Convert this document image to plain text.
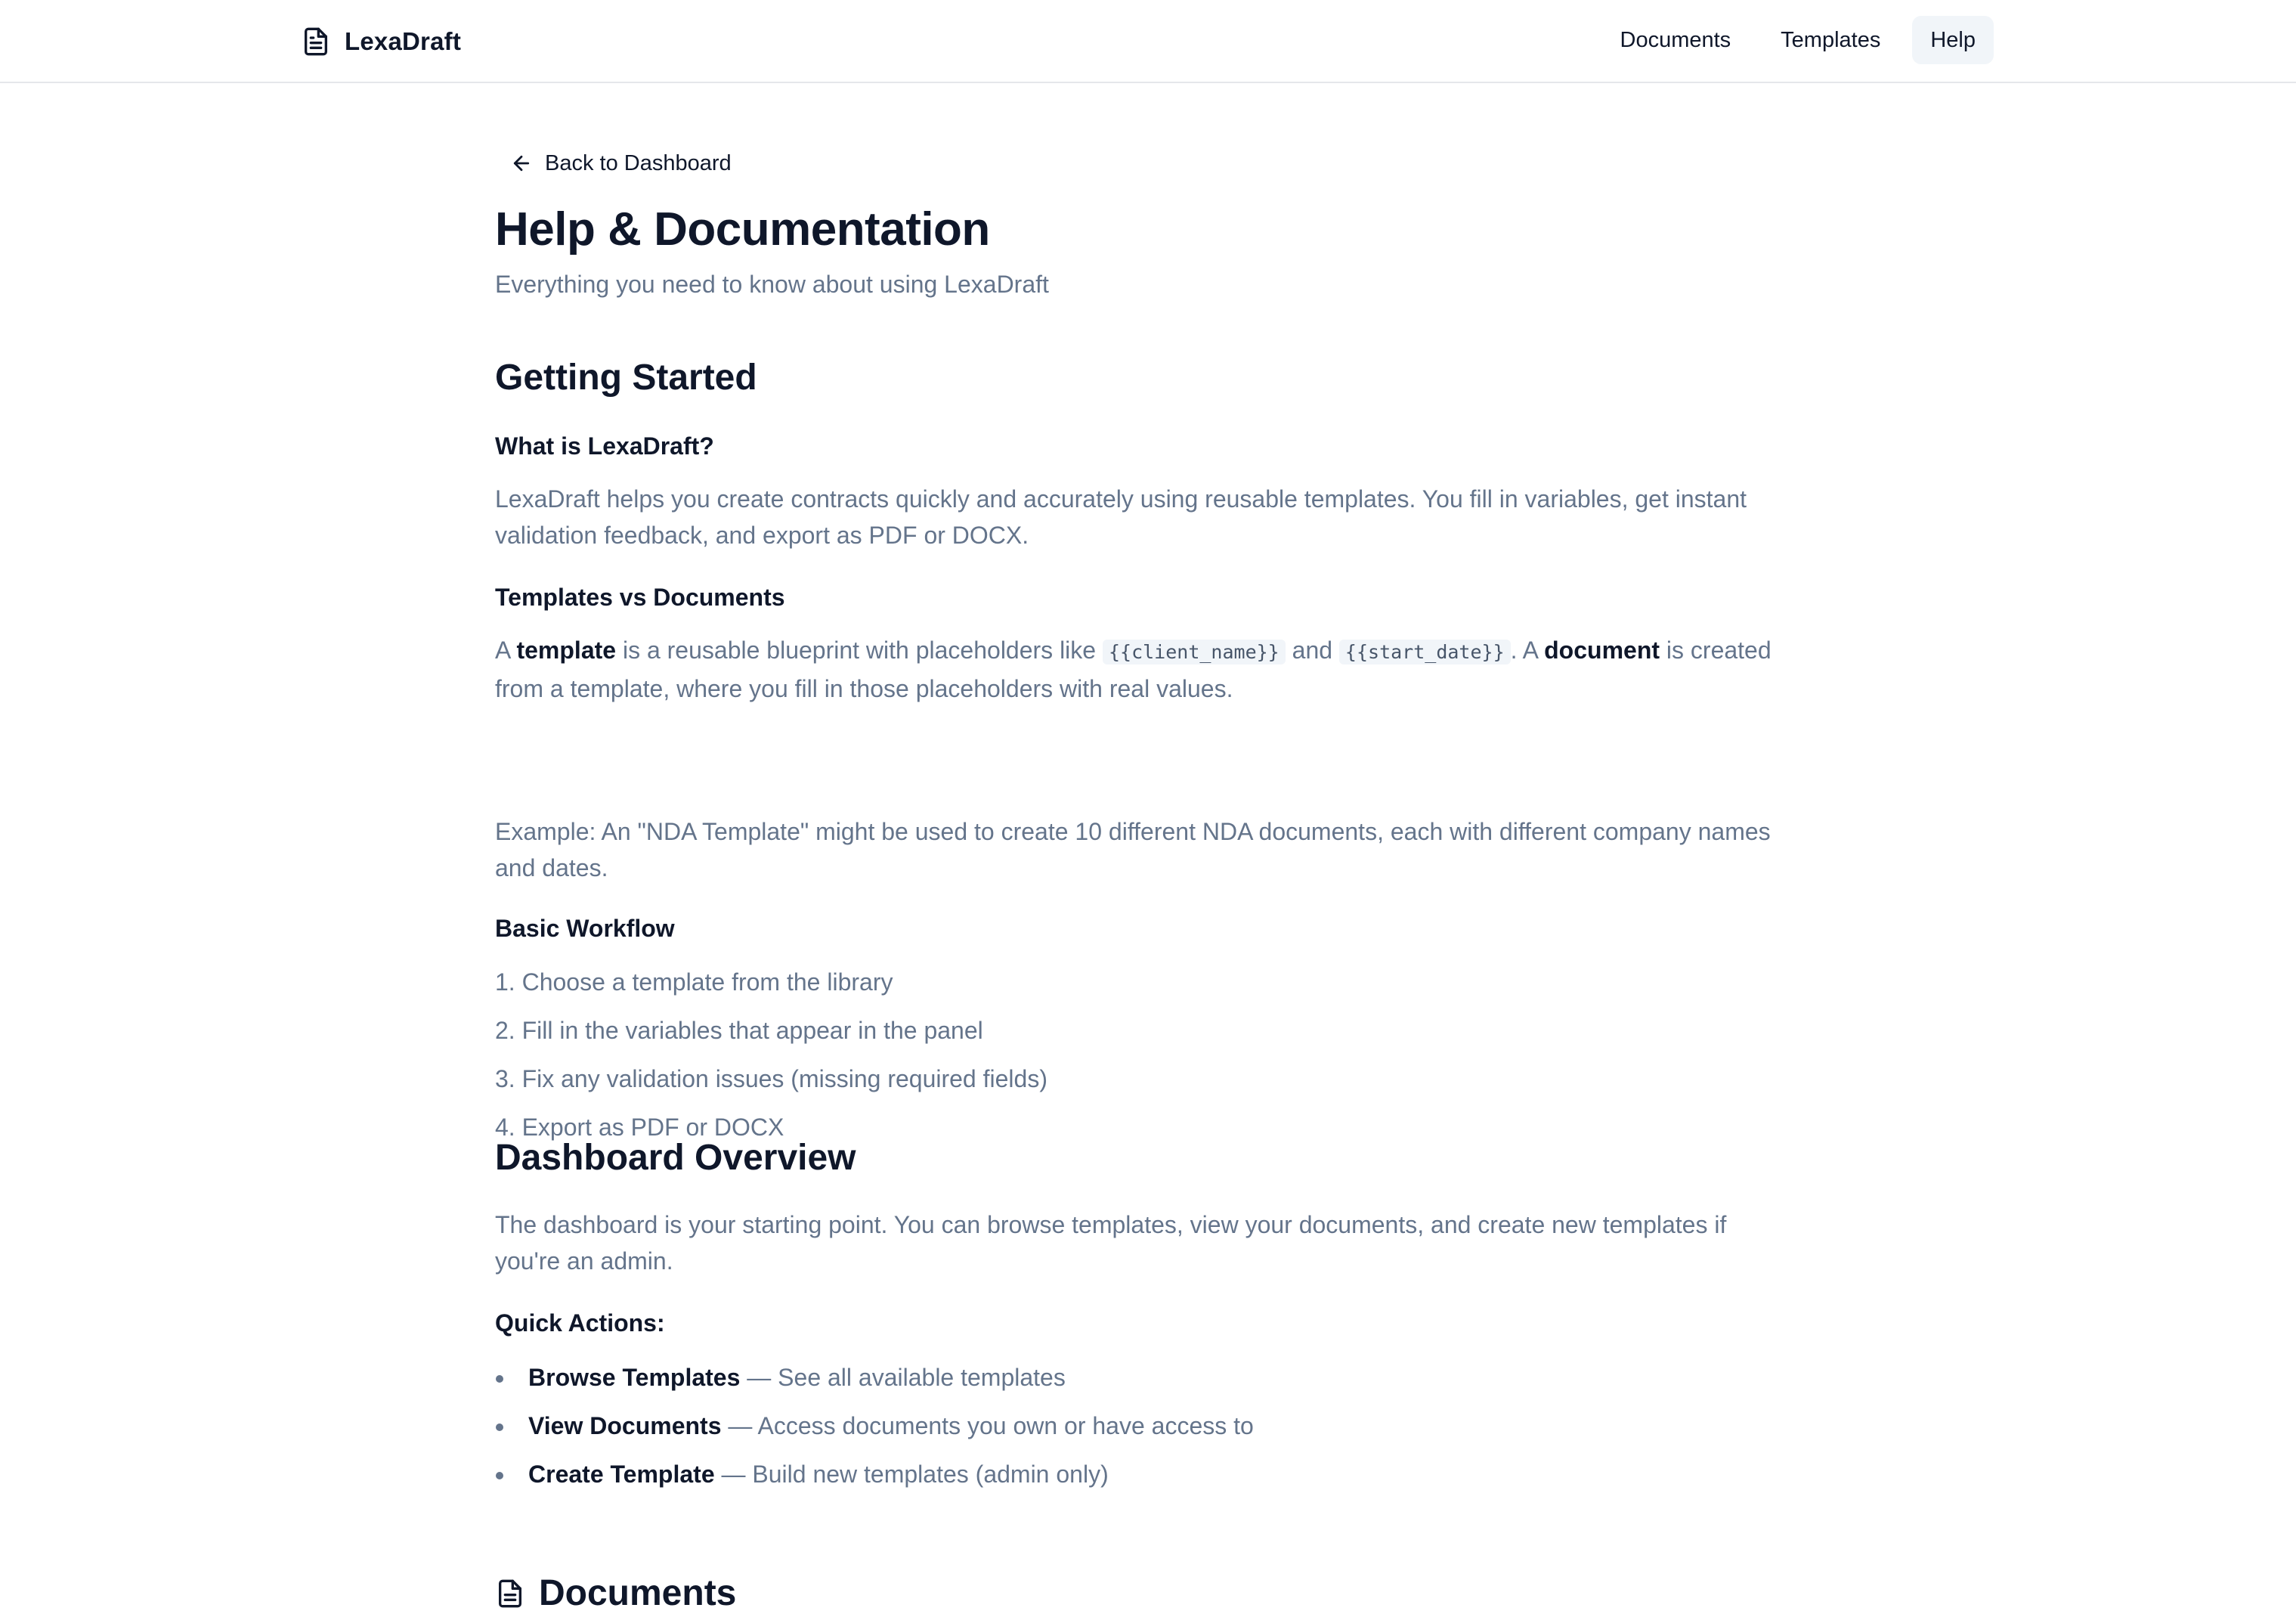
LexaDraft	Documents	Templates	Help
Back to Dashboard
Help & Documentation

Everything you need to know about using LexaDraft

Getting Started
What is LexaDraft?

LexaDraft helps you create contracts quickly and accurately using reusable templates. You fill in variables, get instant validation feedback, and export as PDF or DOCX.

Templates vs Documents

A template is a reusable blueprint with placeholders like {{client_name}} and {{start_date}} . A document is created from a template, where you fill in those placeholders with real values.

Example: An "NDA Template" might be used to create 10 different NDA documents, each with different company names and dates.

Basic Workflow

1. Choose a template from the library

2. Fill in the variables that appear in the panel

3. Fix any validation issues (missing required fields)

4. Export as PDF or DOCX

Dashboard Overview

The dashboard is your starting point. You can browse templates, view your documents, and create new templates if you're an admin.

Quick Actions:

Browse Templates — See all available templates

View Documents — Access documents you own or have access to

Create Template — Build new templates (admin only)

Documents
